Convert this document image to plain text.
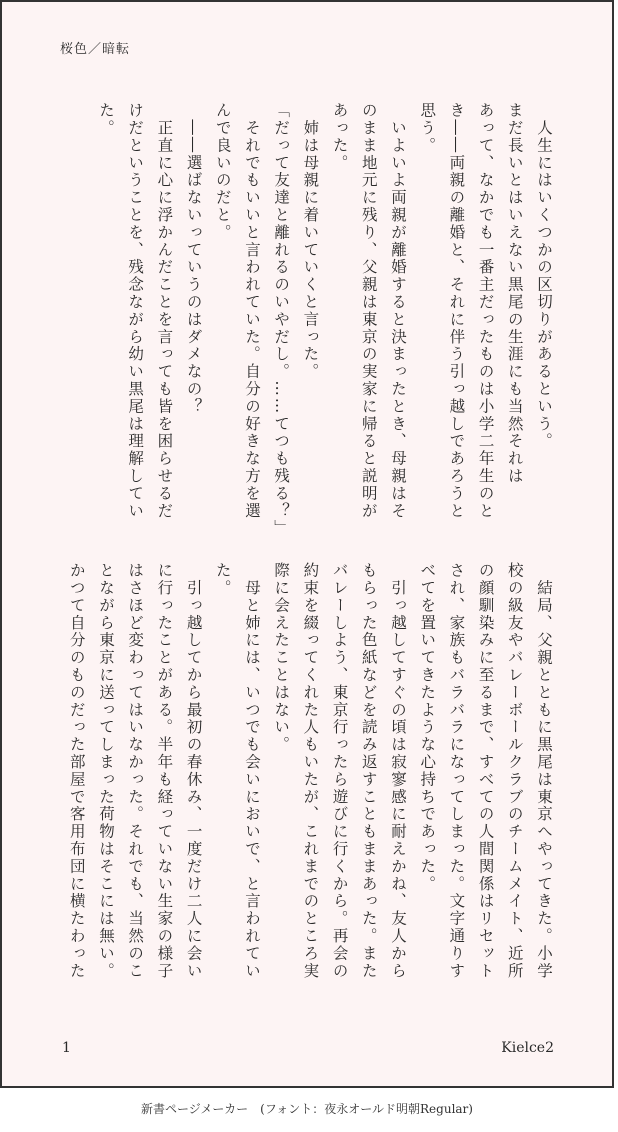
桜色／暗転
　人生にはいくつかの区切りがあるという。
まだ長いとはいえない黒尾の生涯にも当然それは
あって、なかでも一番主だったものは小学二年生のと
き――両親の離婚と、それに伴う引っ越しであろうと
思う。
　いよいよ両親が離婚すると決まったとき、母親はそ
のまま地元に残り、父親は東京の実家に帰ると説明が
あった。
　姉は母親に着いていくと言った。
「だって友達と離れるのいやだし。……てつも残る？」
　それでもいいと言われていた。自分の好きな方を選
んで良いのだと。
　――選ばないっていうのはダメなの？
　正直に心に浮かんだことを言っても皆を困らせるだ
けだということを、残念ながら幼い黒尾は理解してい
た。
　結局、父親とともに黒尾は東京へやってきた。小学
校の級友やバレーボールクラブのチームメイト、近所
の顔馴染みに至るまで、すべての人間関係はリセット
され、家族もバラバラになってしまった。文字通りす
べてを置いてきたような心持ちであった。
　引っ越してすぐの頃は寂寥感に耐えかね、友人から
もらった色紙などを読み返すこともままあった。また
バレーしよう、東京行ったら遊びに行くから。再会の
約束を綴ってくれた人もいたが、これまでのところ実
際に会えたことはない。
　母と姉には、いつでも会いにおいで、と言われてい
た。
　引っ越してから最初の春休み、一度だけ二人に会い
に行ったことがある。半年も経っていない生家の様子
はさほど変わってはいなかった。それでも、当然のこ
とながら東京に送ってしまった荷物はそこには無い。
かつて自分のものだった部屋で客用布団に横たわった
1	Kielce2
新書ページメーカー　(フォント：夜永オールド明朝Regular)
